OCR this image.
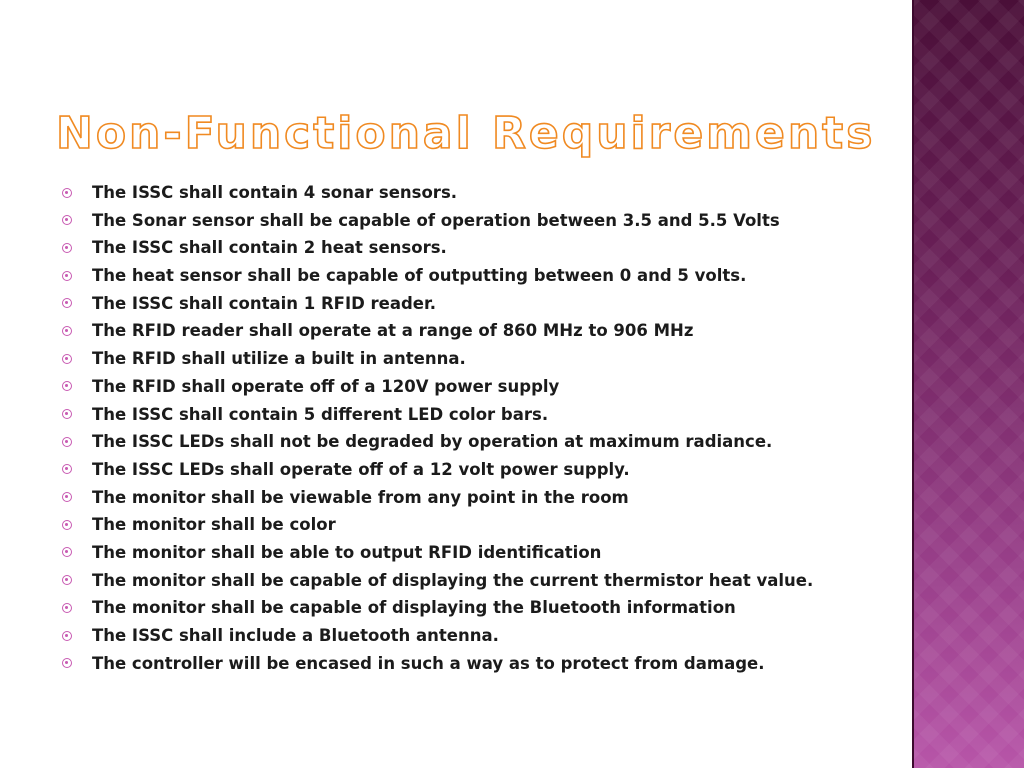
Non-Functional Requirements
The ISSC shall contain 4 sonar sensors.
The Sonar sensor shall be capable of operation between 3.5 and 5.5 Volts
The ISSC shall contain 2 heat sensors.
The heat sensor shall be capable of outputting between 0 and 5 volts.
The ISSC shall contain 1 RFID reader.
The RFID reader shall operate at a range of 860 MHz to 906 MHz
The RFID shall utilize a built in antenna.
The RFID shall operate off of a 120V power supply
The ISSC shall contain 5 different LED color bars.
The ISSC LEDs shall not be degraded by operation at maximum radiance.
The ISSC LEDs shall operate off of a 12 volt power supply.
The monitor shall be viewable from any point in the room
The monitor shall be color
The monitor shall be able to output RFID identification
The monitor shall be capable of displaying the current thermistor heat value.
The monitor shall be capable of displaying the Bluetooth information
The ISSC shall include a Bluetooth antenna.
The controller will be encased in such a way as to protect from damage.
